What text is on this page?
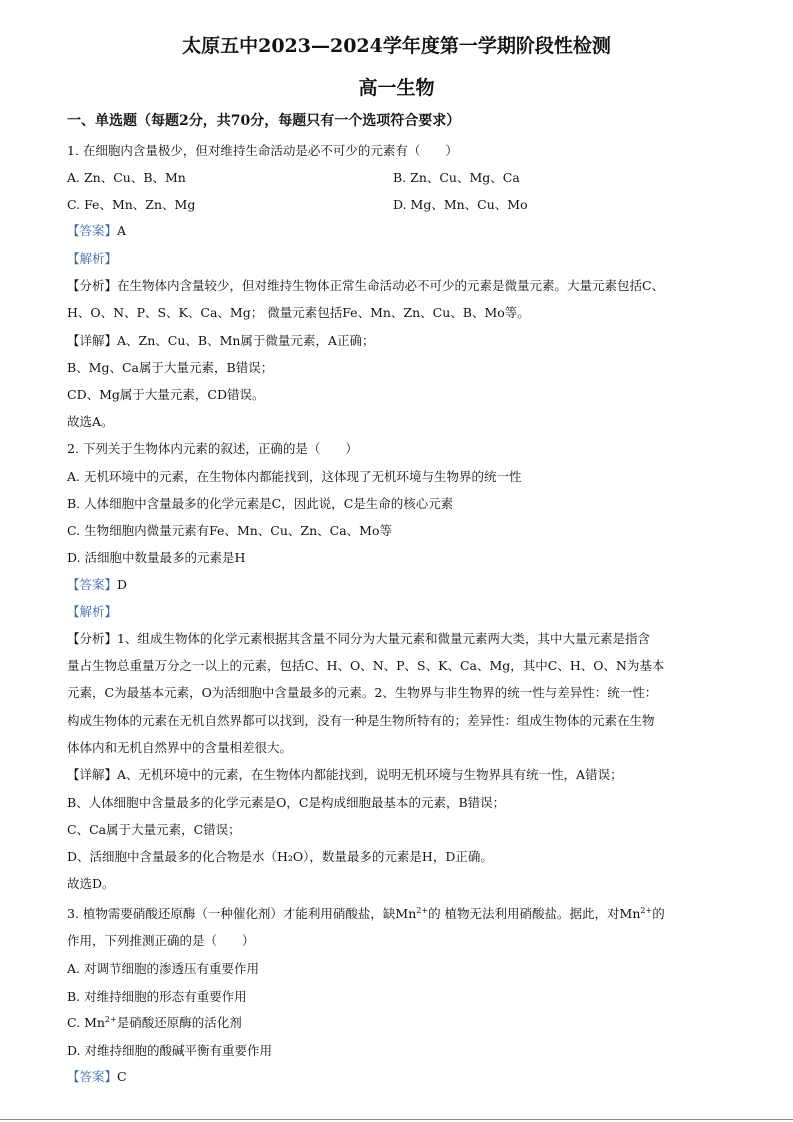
太原五中2023—2024学年度第一学期阶段性检测
高一生物
一、单选题（每题2分，共70分，每题只有一个选项符合要求）
1. 在细胞内含量极少，但对维持生命活动是必不可少的元素有（　　）
A. Zn、Cu、B、Mn	B. Zn、Cu、Mg、Ca
C. Fe、Mn、Zn、Mg	D. Mg、Mn、Cu、Mo
【答案】A
【解析】
【分析】在生物体内含量较少，但对维持生物体正常生命活动必不可少的元素是微量元素。大量元素包括C、
H、O、N、P、S、K、Ca、Mg； 微量元素包括Fe、Mn、Zn、Cu、B、Mo等。
【详解】A、Zn、Cu、B、Mn属于微量元素，A正确；
B、Mg、Ca属于大量元素，B错误；
CD、Mg属于大量元素，CD错误。
故选A。
2. 下列关于生物体内元素的叙述，正确的是（　　）
A. 无机环境中的元素，在生物体内都能找到，这体现了无机环境与生物界的统一性
B. 人体细胞中含量最多的化学元素是C，因此说，C是生命的核心元素
C. 生物细胞内微量元素有Fe、Mn、Cu、Zn、Ca、Mo等
D. 活细胞中数量最多的元素是H
【答案】D
【解析】
【分析】1、组成生物体的化学元素根据其含量不同分为大量元素和微量元素两大类，其中大量元素是指含
量占生物总重量万分之一以上的元素，包括C、H、O、N、P、S、K、Ca、Mg，其中C、H、O、N为基本
元素，C为最基本元素，O为活细胞中含量最多的元素。2、生物界与非生物界的统一性与差异性：统一性：
构成生物体的元素在无机自然界都可以找到，没有一种是生物所特有的；差异性：组成生物体的元素在生物
体体内和无机自然界中的含量相差很大。
【详解】A、无机环境中的元素，在生物体内都能找到，说明无机环境与生物界具有统一性，A错误；
B、人体细胞中含量最多的化学元素是O，C是构成细胞最基本的元素，B错误；
C、Ca属于大量元素，C错误；
D、活细胞中含量最多的化合物是水（H₂O），数量最多的元素是H，D正确。
故选D。
3. 植物需要硝酸还原酶（一种催化剂）才能利用硝酸盐，缺$Mn^{2+}$的 植物无法利用硝酸盐。据此，对$Mn^{2+}$的
作用，下列推测正确的是（　　）
A. 对调节细胞的渗透压有重要作用
B. 对维持细胞的形态有重要作用
C. $Mn^{2+}$是硝酸还原酶的活化剂
D. 对维持细胞的酸碱平衡有重要作用
【答案】C
